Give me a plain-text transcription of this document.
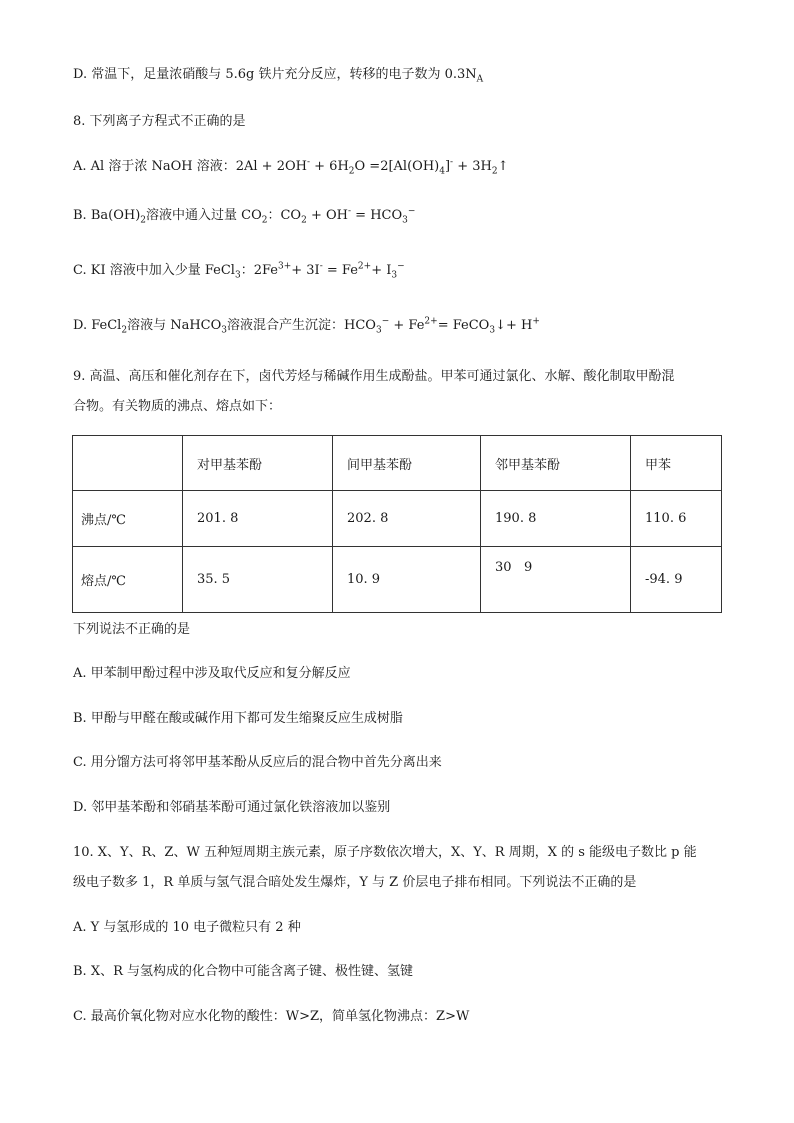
D. 常温下，足量浓硝酸与 5.6g 铁片充分反应，转移的电子数为 $0.3N_A$
8. 下列离子方程式不正确的是
A. Al 溶于浓 NaOH 溶液：$2Al + 2OH^- + 6H_2O =2[Al(OH)_4]^-$ + $3H_2↑$
B. $Ba(OH)_2$溶液中通入过量 $CO_2$：$CO_2 + OH^- = HCO_3^-$
C. KI 溶液中加入少量 FeCl$_3$：$2Fe^{3+}+ 3I^- = Fe^{2+}+ I_3^-$
D. FeCl$_2$溶液与 NaHCO$_3$溶液混合产生沉淀：$HCO_3^- + Fe^{2+}=$ FeCO$_3$↓+ H+
9. 高温、高压和催化剂存在下，卤代芳烃与稀碱作用生成酚盐。甲苯可通过氯化、水解、酸化制取甲酚混
合物。有关物质的沸点、熔点如下：
	对甲基苯酚	间甲基苯酚	邻甲基苯酚	甲苯
沸点/℃	201. 8	202. 8	190. 8	110. 6
熔点/℃	35. 5	10. 9	30   9	-94. 9
下列说法不正确的是
A. 甲苯制甲酚过程中涉及取代反应和复分解反应
B. 甲酚与甲醛在酸或碱作用下都可发生缩聚反应生成树脂
C. 用分馏方法可将邻甲基苯酚从反应后的混合物中首先分离出来
D. 邻甲基苯酚和邻硝基苯酚可通过氯化铁溶液加以鉴别
10. X、Y、R、Z、W 五种短周期主族元素，原子序数依次增大，X、Y、R 周期，X 的 s 能级电子数比 p 能
级电子数多 1，R 单质与氢气混合暗处发生爆炸，Y 与 Z 价层电子排布相同。下列说法不正确的是
A. Y 与氢形成的 10 电子微粒只有 2 种
B. X、R 与氢构成的化合物中可能含离子键、极性键、氢键
C. 最高价氧化物对应水化物的酸性：W>Z，简单氢化物沸点：Z>W
